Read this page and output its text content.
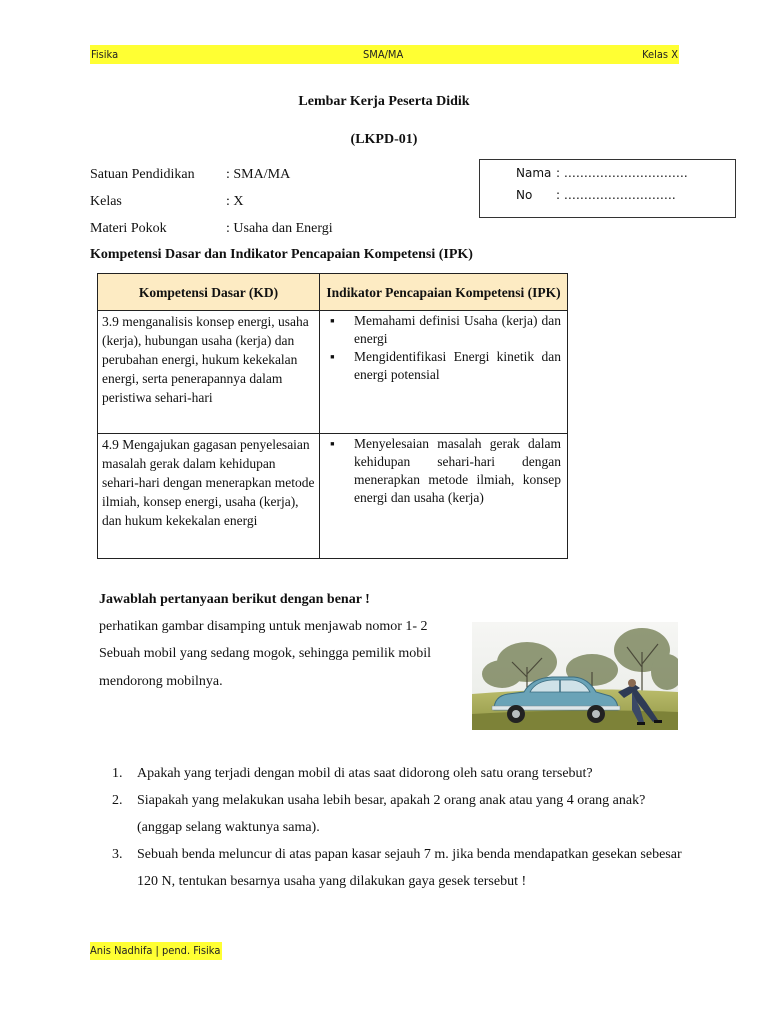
Fisika	SMA/MA	Kelas X
Lembar Kerja Peserta Didik
(LKPD-01)
Satuan Pendidikan : SMA/MA
Kelas	: X
Materi Pokok	: Usaha dan Energi
Nama : ………………………….
No : ……………………….
Kompetensi Dasar dan Indikator Pencapaian Kompetensi (IPK)
Kompetensi Dasar (KD)	Indikator Pencapaian Kompetensi (IPK)
3.9 menganalisis konsep energi, usaha (kerja), hubungan usaha (kerja) dan perubahan energi, hukum kekekalan energi, serta penerapannya dalam peristiwa sehari-hari	▪ Memahami definisi Usaha (kerja) dan energi
▪ Mengidentifikasi Energi kinetik dan energi potensial

4.9 Mengajukan gagasan penyelesaian masalah gerak dalam kehidupan sehari-hari dengan menerapkan metode ilmiah, konsep energi, usaha (kerja), dan hukum kekekalan energi	▪ Menyelesaian masalah gerak dalam kehidupan sehari-hari dengan menerapkan metode ilmiah, konsep energi dan usaha (kerja)
Jawablah pertanyaan berikut dengan benar !
perhatikan gambar disamping untuk menjawab nomor 1- 2
Sebuah mobil yang sedang mogok, sehingga pemilik mobil
mendorong mobilnya.
1. Apakah yang terjadi dengan mobil di atas saat didorong oleh satu orang tersebut?
2. Siapakah yang melakukan usaha lebih besar, apakah 2 orang anak atau yang 4 orang anak? (anggap selang waktunya sama).
3. Sebuah benda meluncur di atas papan kasar sejauh 7 m. jika benda mendapatkan gesekan sebesar 120 N, tentukan besarnya usaha yang dilakukan gaya gesek tersebut !
Anis Nadhifa | pend. Fisika
